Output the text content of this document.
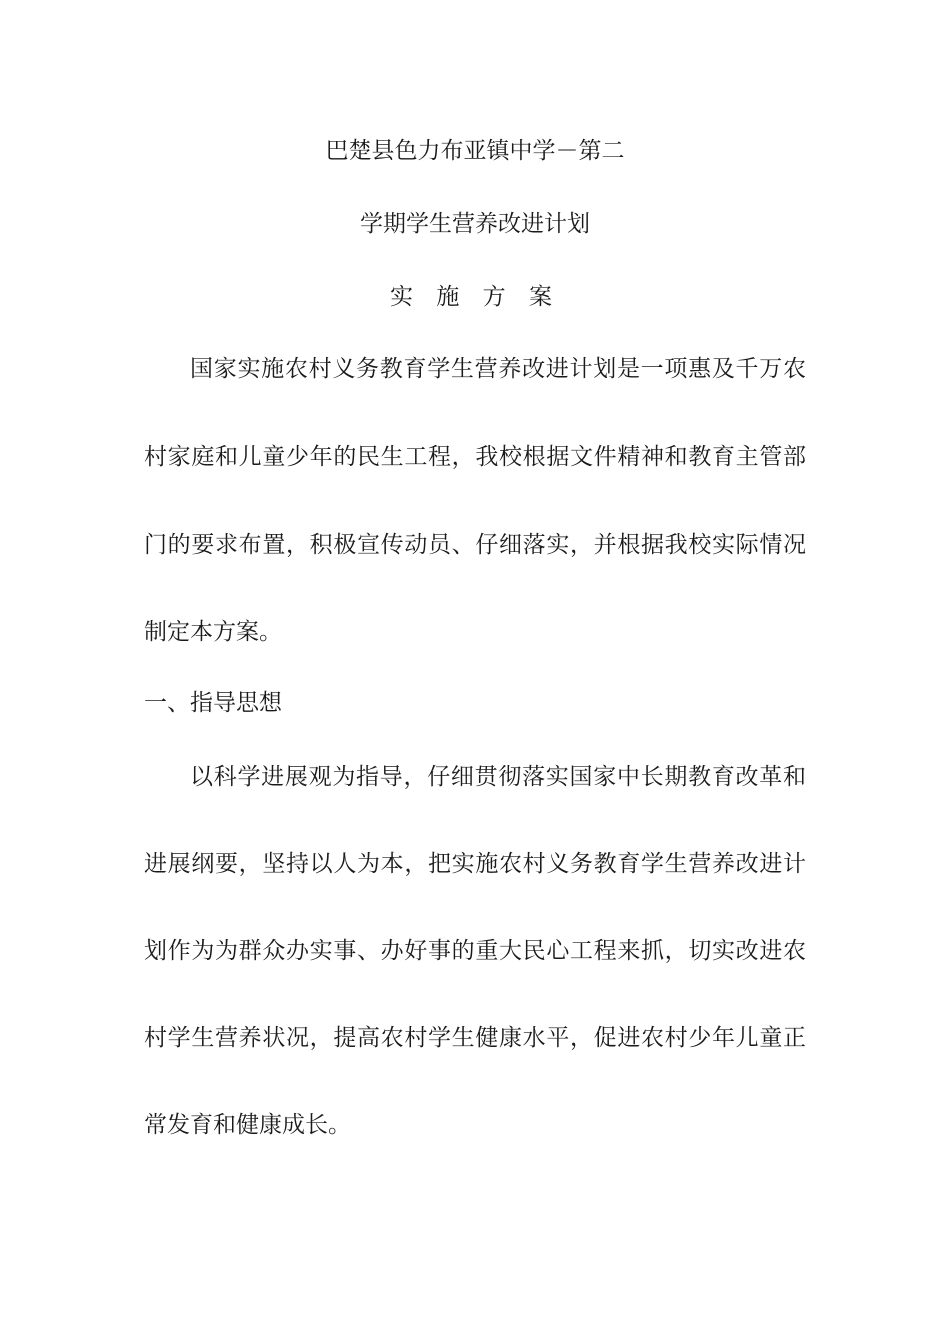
巴楚县色力布亚镇中学－第二
学期学生营养改进计划
实 施 方 案
国家实施农村义务教育学生营养改进计划是一项惠及千万农
村家庭和儿童少年的民生工程，我校根据文件精神和教育主管部
门的要求布置，积极宣传动员、仔细落实，并根据我校实际情况
制定本方案。
一、指导思想
以科学进展观为指导，仔细贯彻落实国家中长期教育改革和
进展纲要，坚持以人为本，把实施农村义务教育学生营养改进计
划作为为群众办实事、办好事的重大民心工程来抓，切实改进农
村学生营养状况，提高农村学生健康水平，促进农村少年儿童正
常发育和健康成长。
